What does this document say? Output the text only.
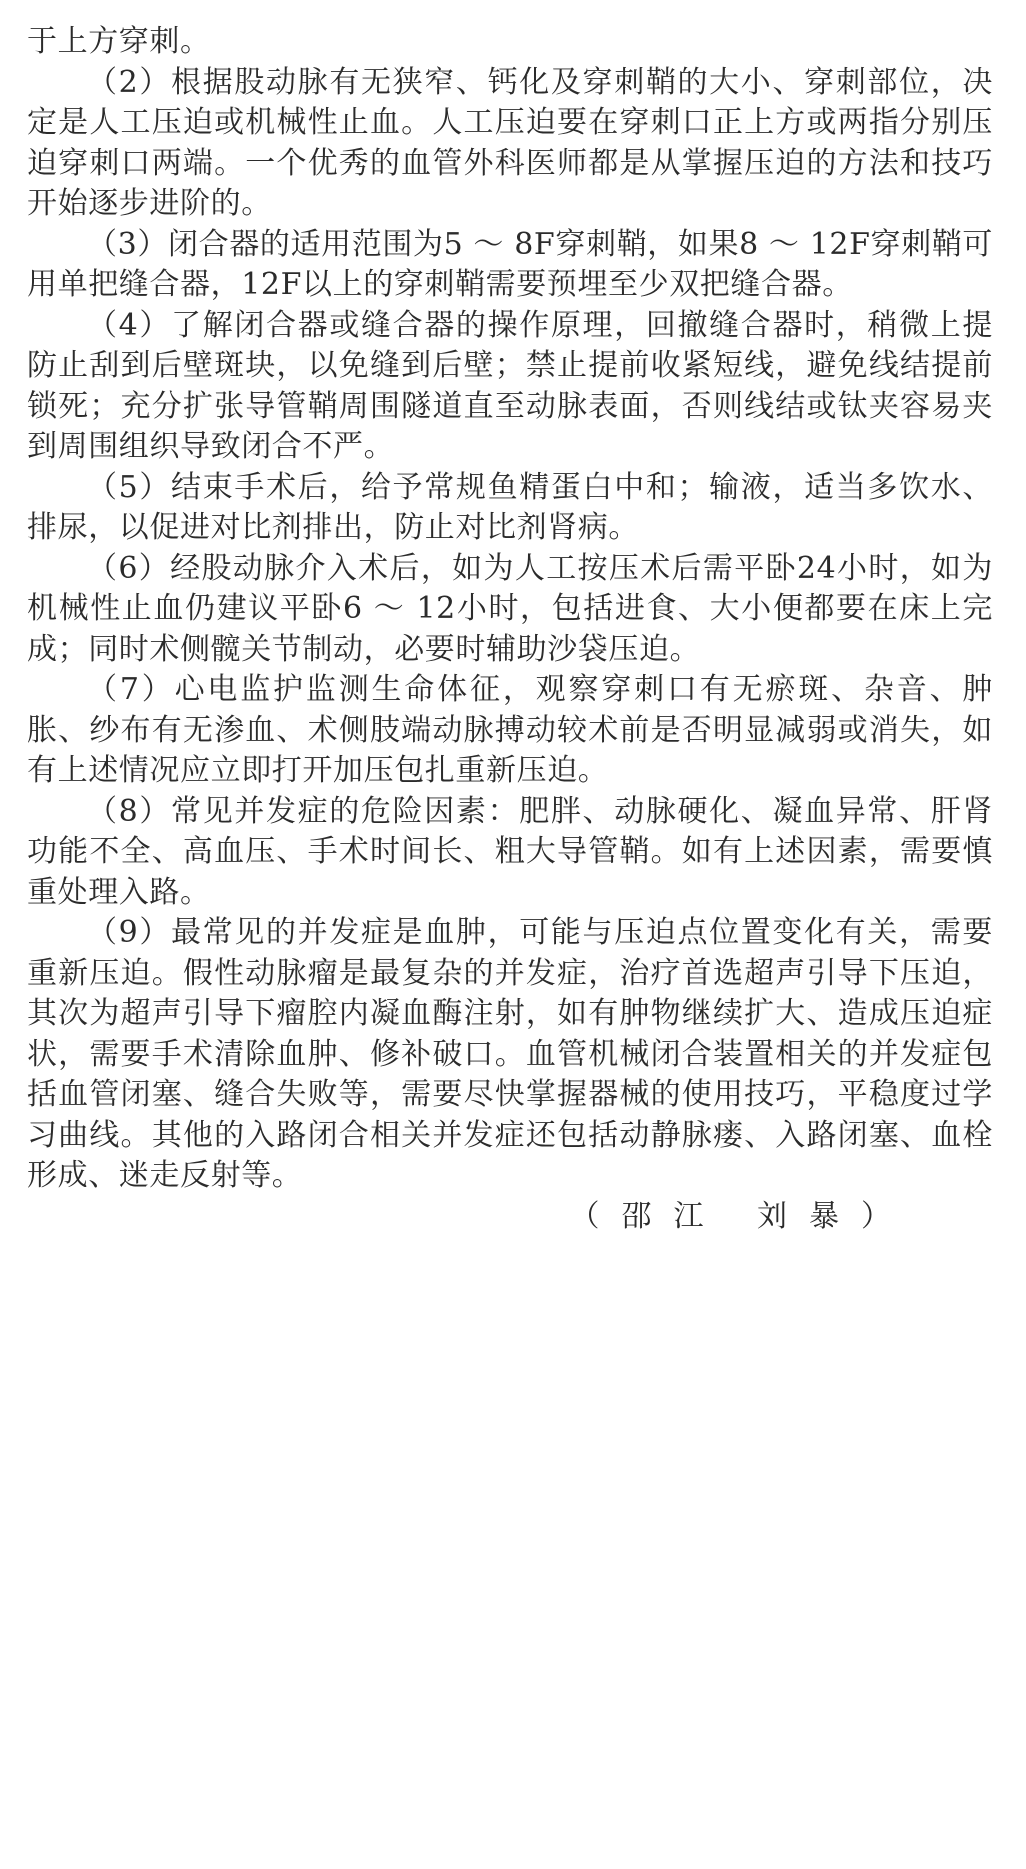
于上方穿刺。

（2）根据股动脉有无狭窄、钙化及穿刺鞘的大小、穿刺部位，决定是人工压迫或机械性止血。人工压迫要在穿刺口正上方或两指分别压迫穿刺口两端。一个优秀的血管外科医师都是从掌握压迫的方法和技巧开始逐步进阶的。

（3）闭合器的适用范围为5 ～ 8F穿刺鞘，如果8 ～ 12F穿刺鞘可用单把缝合器，12F以上的穿刺鞘需要预埋至少双把缝合器。

（4）了解闭合器或缝合器的操作原理，回撤缝合器时，稍微上提防止刮到后壁斑块，以免缝到后壁；禁止提前收紧短线，避免线结提前锁死；充分扩张导管鞘周围隧道直至动脉表面，否则线结或钛夹容易夹到周围组织导致闭合不严。

（5）结束手术后，给予常规鱼精蛋白中和；输液，适当多饮水、排尿，以促进对比剂排出，防止对比剂肾病。

（6）经股动脉介入术后，如为人工按压术后需平卧24小时，如为机械性止血仍建议平卧6 ～ 12小时，包括进食、大小便都要在床上完成；同时术侧髋关节制动，必要时辅助沙袋压迫。

（7）心电监护监测生命体征，观察穿刺口有无瘀斑、杂音、肿胀、纱布有无渗血、术侧肢端动脉搏动较术前是否明显减弱或消失，如有上述情况应立即打开加压包扎重新压迫。

（8）常见并发症的危险因素：肥胖、动脉硬化、凝血异常、肝肾功能不全、高血压、手术时间长、粗大导管鞘。如有上述因素，需要慎重处理入路。

（9）最常见的并发症是血肿，可能与压迫点位置变化有关，需要重新压迫。假性动脉瘤是最复杂的并发症，治疗首选超声引导下压迫，其次为超声引导下瘤腔内凝血酶注射，如有肿物继续扩大、造成压迫症状，需要手术清除血肿、修补破口。血管机械闭合装置相关的并发症包括血管闭塞、缝合失败等，需要尽快掌握器械的使用技巧，平稳度过学习曲线。其他的入路闭合相关并发症还包括动静脉瘘、入路闭塞、血栓形成、迷走反射等。

（邵江 刘暴）
